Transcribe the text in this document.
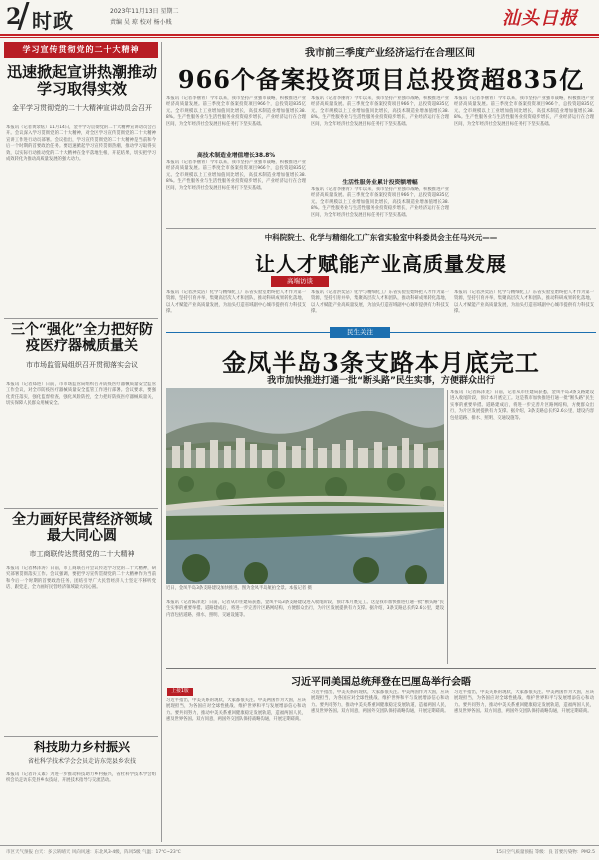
2 时政	2023年11月13日 星期二
责编 吴 琼 校对 杨小贱	汕头日报
学习宣传贯彻党的二十大精神
迅速掀起宣讲热潮推动学习取得实效
金平学习贯彻党的二十大精神宣讲动员会召开
本报讯（记者黄余炫）11月14日，金平学习贯彻党的二十大精神宣讲动员会召开。会议深入学习贯彻党的二十大精神，对全区学习宣传贯彻党的二十大精神宣讲工作进行动员部署。会议指出，学习宣传贯彻党的二十大精神是当前和今后一个时期的首要政治任务。要迅速掀起学习宣传贯彻热潮，推动学习取得实效，以实际行动推动党的二十大精神在金平落地生根、开花结果，切实把学习成效转化为推动高质量发展的强大动力。
三个“强化”全力把好防疫医疗器械质量关
市市场监管局组织召开贯彻落实会议
本报讯（记者郑进）日前，市市场监管局组织召开防疫医疗器械质量安全监管工作会议，对全市防疫医疗器械质量安全监管工作进行部署。会议要求，要强化责任落实，强化监督检查，强化风险防控，全力把好防疫医疗器械质量关，切实保障人民群众用械安全。
全力画好民营经济领域最大同心圆
市工商联传达贯彻党的二十大精神
本报讯（记者林泽涛）日前，市工商联召开会议传达学习党的二十大精神，研究部署贯彻落实工作。会议强调，要把学习宣传贯彻党的二十大精神作为当前和今后一个时期的首要政治任务，团结引导广大民营经济人士坚定不移听党话、跟党走，全力画好民营经济领域最大同心圆。
科技助力乡村振兴
省杜科学技术学会会员走访东莞县乡农技
本报讯（记者许义素）为进一步推动科技助力乡村振兴，省杜科学技术学会组织会员走访东莞县乡农技站，开展技术指导与交流活动。
我市前三季度产业经济运行在合理区间
966个备案投资项目总投资超835亿
本报讯（记者李丽青）今年以来，我市坚持产业强市战略，积极推进产业经济高质量发展。前三季度全市备案投资项目966个，总投资超835亿元。全市规模以上工业增加值同比增长，高技术制造业增加值增长38.8%。生产性服务业与生活性服务业投资稳步增长，产业经济运行在合理区间，为全年经济社会发展目标任务打下坚实基础。
高技术制造业增值增长38.8%
本报讯（记者李丽青）今年以来，我市坚持产业强市战略，积极推进产业经济高质量发展。前三季度全市备案投资项目966个，总投资超835亿元。全市规模以上工业增加值同比增长，高技术制造业增加值增长38.8%。生产性服务业与生活性服务业投资稳步增长，产业经济运行在合理区间，为全年经济社会发展目标任务打下坚实基础。
本报讯（记者李丽青）今年以来，我市坚持产业强市战略，积极推进产业经济高质量发展。前三季度全市备案投资项目966个，总投资超835亿元。全市规模以上工业增加值同比增长，高技术制造业增加值增长38.8%。生产性服务业与生活性服务业投资稳步增长，产业经济运行在合理区间，为全年经济社会发展目标任务打下坚实基础。
生活性服务业累计投资额增幅
本报讯（记者李丽青）今年以来，我市坚持产业强市战略，积极推进产业经济高质量发展。前三季度全市备案投资项目966个，总投资超835亿元。全市规模以上工业增加值同比增长，高技术制造业增加值增长38.8%。生产性服务业与生活性服务业投资稳步增长，产业经济运行在合理区间，为全年经济社会发展目标任务打下坚实基础。
本报讯（记者李丽青）今年以来，我市坚持产业强市战略，积极推进产业经济高质量发展。前三季度全市备案投资项目966个，总投资超835亿元。全市规模以上工业增加值同比增长，高技术制造业增加值增长38.8%。生产性服务业与生活性服务业投资稳步增长，产业经济运行在合理区间，为全年经济社会发展目标任务打下坚实基础。
中科院院士、化学与精细化工广东省实验室中科委员会主任马兴元——
让人才赋能产业高质量发展
高端访谈
本报讯（记者洪奕洁）化学与精细化工广东省实验室始终把人才作为第一资源，坚持引育并举，集聚高层次人才和团队，推动科研成果转化落地，以人才赋能产业高质量发展，为汕头打造省域副中心城市提供有力科技支撑。
本报讯（记者洪奕洁）化学与精细化工广东省实验室始终把人才作为第一资源，坚持引育并举，集聚高层次人才和团队，推动科研成果转化落地，以人才赋能产业高质量发展，为汕头打造省域副中心城市提供有力科技支撑。
本报讯（记者洪奕洁）化学与精细化工广东省实验室始终把人才作为第一资源，坚持引育并举，集聚高层次人才和团队，推动科研成果转化落地，以人才赋能产业高质量发展，为汕头打造省域副中心城市提供有力科技支撑。
民生关注
金凤半岛3条支路本月底完工
我市加快推进打通一批“断头路”民生实事，方便群众出行
近日，金凤半岛3条支路建设加快推进。图为金凤半岛航拍全景。本报记者 摄
本报讯（记者陈泽龙）日前，记者从市住建局获悉，金凤半岛3条支路建设进入收尾阶段，预计本月底完工。这是我市加快推进打通一批“断头路”民生实事的重要举措。道路建成后，将进一步完善片区路网结构，方便群众出行，为片区发展提供有力支撑。据介绍，3条支路总长约2.6公里，建设内容包括道路、排水、照明、交通设施等。
本报讯（记者陈泽龙）日前，记者从市住建局获悉，金凤半岛3条支路建设进入收尾阶段，预计本月底完工。这是我市加快推进打通一批“断头路”民生实事的重要举措。道路建成后，将进一步完善片区路网结构，方便群众出行，为片区发展提供有力支撑。据介绍，3条支路总长约2.6公里，建设内容包括道路、排水、照明、交通设施等。
习近平同美国总统拜登在巴厘岛举行会晤
上接1版
习近平指出，中美关系的现状，大家都很关注。中美两国作为大国，应该展现担当，为各国应对全球性挑战、维护世界和平与发展增添信心和动力。要共同努力，推动中美关系重回健康稳定发展轨道，造福两国人民，惠及世界各国。双方同意，两国外交团队保持战略沟通，开展定期磋商。
习近平指出，中美关系的现状，大家都很关注。中美两国作为大国，应该展现担当，为各国应对全球性挑战、维护世界和平与发展增添信心和动力。要共同努力，推动中美关系重回健康稳定发展轨道，造福两国人民，惠及世界各国。双方同意，两国外交团队保持战略沟通，开展定期磋商。
习近平指出，中美关系的现状，大家都很关注。中美两国作为大国，应该展现担当，为各国应对全球性挑战、维护世界和平与发展增添信心和动力。要共同努力，推动中美关系重回健康稳定发展轨道，造福两国人民，惠及世界各国。双方同意，两国外交团队保持战略沟通，开展定期磋商。
市区天气预报 白天：多云转晴天 风向风速：东北风3-4级，阵风5级 气温：17℃~23℃	15日空气质量预报 等级：良 首要污染物：PM2.5
